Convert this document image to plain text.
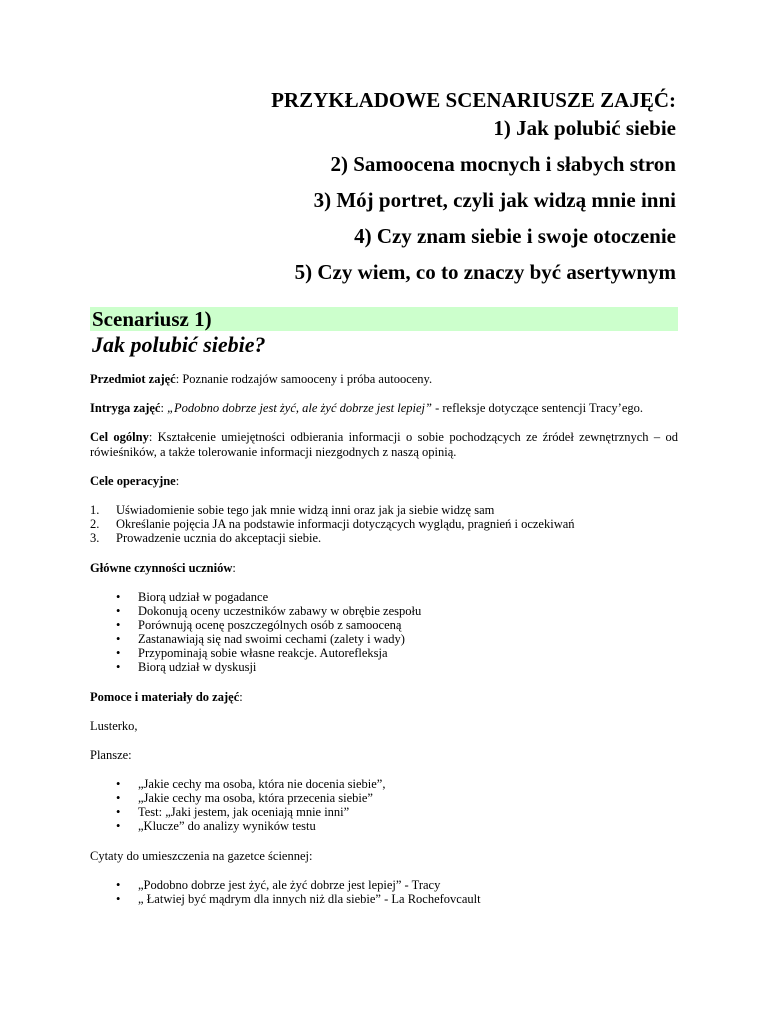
PRZYKŁADOWE SCENARIUSZE ZAJĘĆ:
1) Jak polubić siebie
2) Samoocena mocnych i słabych stron
3) Mój portret, czyli jak widzą mnie inni
4) Czy znam siebie i swoje otoczenie
5) Czy wiem, co to znaczy być asertywnym
Scenariusz 1)
Jak polubić siebie?

Przedmiot zajęć: Poznanie rodzajów samooceny i próba autooceny.

Intryga zajęć: „Podobno dobrze jest żyć, ale żyć dobrze jest lepiej” - refleksje dotyczące sentencji Tracy’ego.

Cel ogólny: Kształcenie umiejętności odbierania informacji o sobie pochodzących ze źródeł zewnętrznych – od rówieśników, a także tolerowanie informacji niezgodnych z naszą opinią.

Cele operacyjne:

1. Uświadomienie sobie tego jak mnie widzą inni oraz jak ja siebie widzę sam
2. Określanie pojęcia JA na podstawie informacji dotyczących wyglądu, pragnień i oczekiwań
3. Prowadzenie ucznia do akceptacji siebie.

Główne czynności uczniów:

• Biorą udział w pogadance
• Dokonują oceny uczestników zabawy w obrębie zespołu
• Porównują ocenę poszczególnych osób z samooceną
• Zastanawiają się nad swoimi cechami (zalety i wady)
• Przypominają sobie własne reakcje. Autorefleksja
• Biorą udział w dyskusji

Pomoce i materiały do zajęć:

Lusterko,

Plansze:

• „Jakie cechy ma osoba, która nie docenia siebie”,
• „Jakie cechy ma osoba, która przecenia siebie”
• Test: „Jaki jestem, jak oceniają mnie inni”
• „Klucze” do analizy wyników testu

Cytaty do umieszczenia na gazetce ściennej:

• „Podobno dobrze jest żyć, ale żyć dobrze jest lepiej” - Tracy
• „ Łatwiej być mądrym dla innych niż dla siebie” - La Rochefovcault
